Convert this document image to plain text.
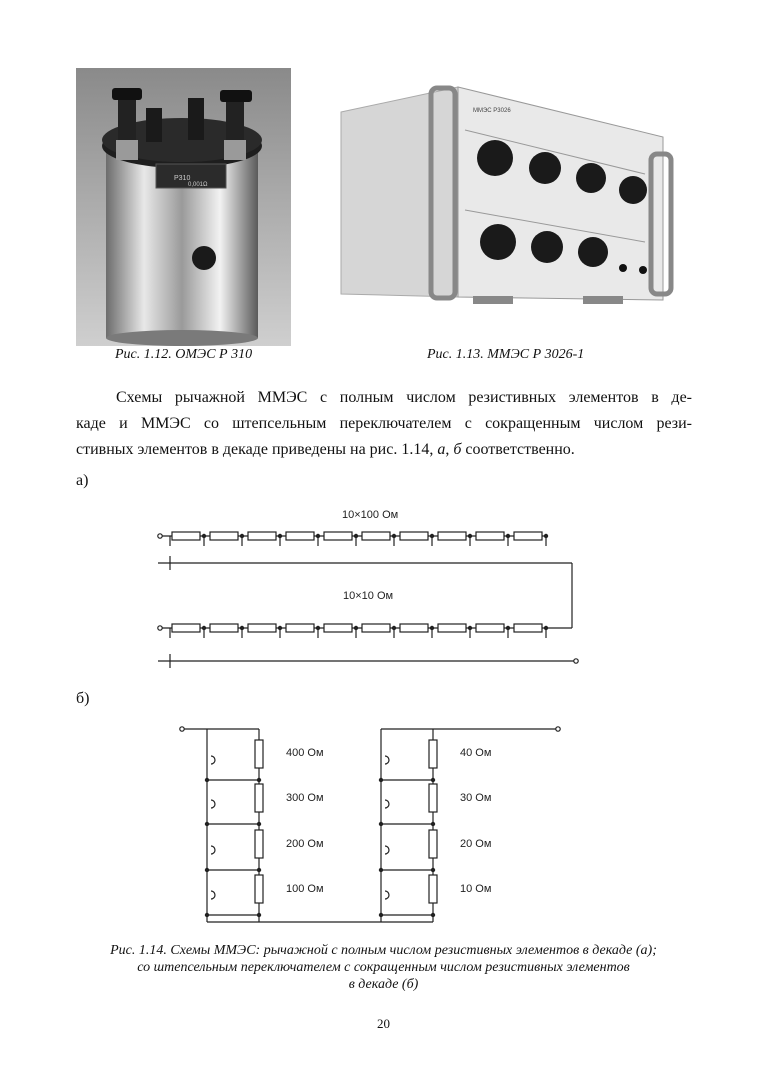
Р310
0,001Ω
Рис. 1.12. ОМЭС Р 310
ММЭС Р3026
Рис. 1.13. ММЭС Р 3026-1
Схемы рычажной ММЭС с полным числом резистивных элементов в де-
каде и ММЭС со штепсельным переключателем с сокращенным числом рези-
стивных элементов в декаде приведены на рис. 1.14, а, б соответственно.
а)
10×100 Ом
10×10 Ом
б)
400 Ом
300 Ом
200 Ом
100 Ом
40 Ом
30 Ом
20 Ом
10 Ом
Рис. 1.14. Схемы ММЭС: рычажной с полным числом резистивных элементов в декаде (а);
со штепсельным переключателем с сокращенным числом резистивных элементов
в декаде (б)
20
